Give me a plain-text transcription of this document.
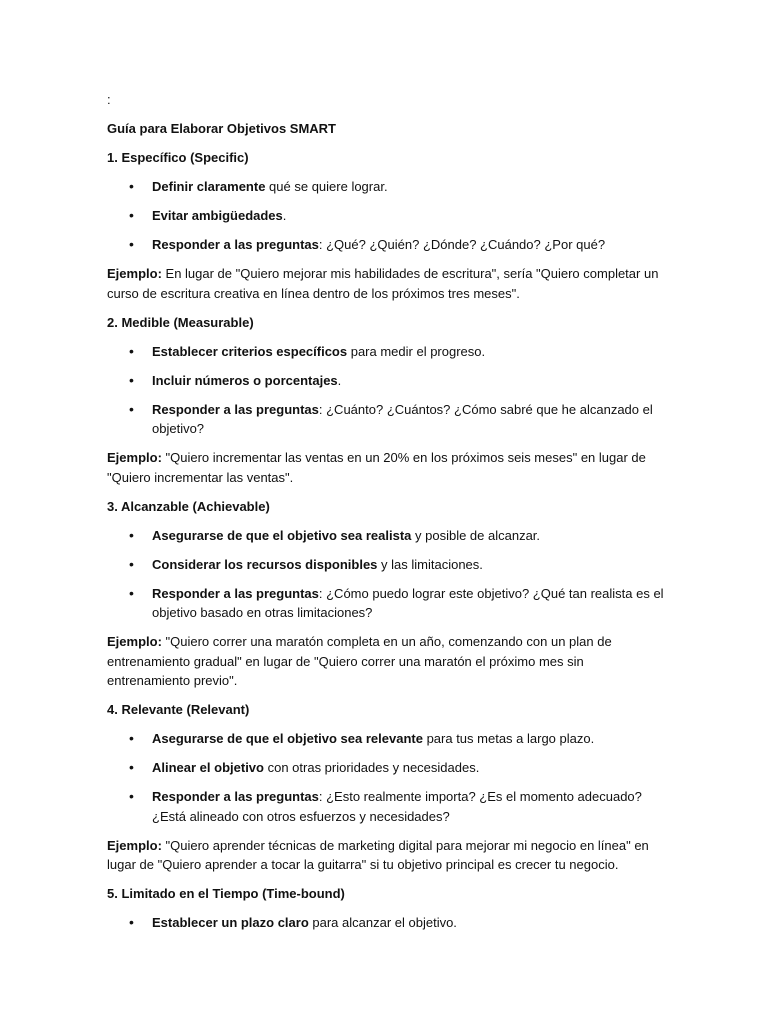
:

Guía para Elaborar Objetivos SMART

1. Específico (Specific)

• Definir claramente qué se quiere lograr.
• Evitar ambigüedades.
• Responder a las preguntas: ¿Qué? ¿Quién? ¿Dónde? ¿Cuándo? ¿Por qué?

Ejemplo: En lugar de "Quiero mejorar mis habilidades de escritura", sería "Quiero completar un curso de escritura creativa en línea dentro de los próximos tres meses".

2. Medible (Measurable)

• Establecer criterios específicos para medir el progreso.
• Incluir números o porcentajes.
• Responder a las preguntas: ¿Cuánto? ¿Cuántos? ¿Cómo sabré que he alcanzado el objetivo?

Ejemplo: "Quiero incrementar las ventas en un 20% en los próximos seis meses" en lugar de "Quiero incrementar las ventas".

3. Alcanzable (Achievable)

• Asegurarse de que el objetivo sea realista y posible de alcanzar.
• Considerar los recursos disponibles y las limitaciones.
• Responder a las preguntas: ¿Cómo puedo lograr este objetivo? ¿Qué tan realista es el objetivo basado en otras limitaciones?

Ejemplo: "Quiero correr una maratón completa en un año, comenzando con un plan de entrenamiento gradual" en lugar de "Quiero correr una maratón el próximo mes sin entrenamiento previo".

4. Relevante (Relevant)

• Asegurarse de que el objetivo sea relevante para tus metas a largo plazo.
• Alinear el objetivo con otras prioridades y necesidades.
• Responder a las preguntas: ¿Esto realmente importa? ¿Es el momento adecuado? ¿Está alineado con otros esfuerzos y necesidades?

Ejemplo: "Quiero aprender técnicas de marketing digital para mejorar mi negocio en línea" en lugar de "Quiero aprender a tocar la guitarra" si tu objetivo principal es crecer tu negocio.

5. Limitado en el Tiempo (Time-bound)

• Establecer un plazo claro para alcanzar el objetivo.
